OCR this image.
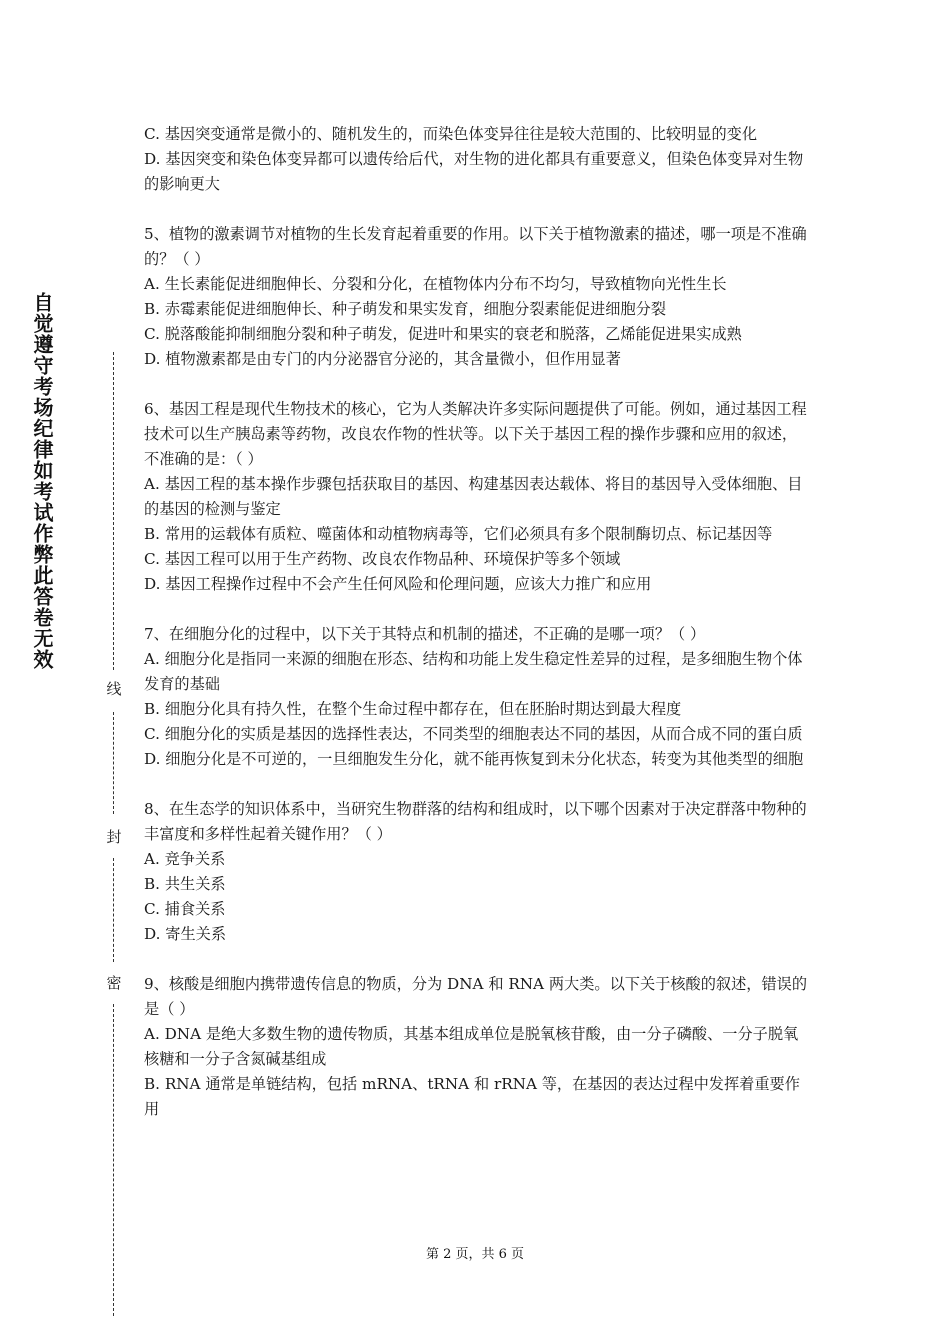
自觉遵守考场纪律如考试作弊此答卷无效
线
封
密

C. 基因突变通常是微小的、随机发生的，而染色体变异往往是较大范围的、比较明显的变化

D. 基因突变和染色体变异都可以遗传给后代，对生物的进化都具有重要意义，但染色体变异对生物的影响更大

5、植物的激素调节对植物的生长发育起着重要的作用。以下关于植物激素的描述，哪一项是不准确的？（ ）

A. 生长素能促进细胞伸长、分裂和分化，在植物体内分布不均匀，导致植物向光性生长

B. 赤霉素能促进细胞伸长、种子萌发和果实发育，细胞分裂素能促进细胞分裂

C. 脱落酸能抑制细胞分裂和种子萌发，促进叶和果实的衰老和脱落，乙烯能促进果实成熟

D. 植物激素都是由专门的内分泌器官分泌的，其含量微小，但作用显著

6、基因工程是现代生物技术的核心，它为人类解决许多实际问题提供了可能。例如，通过基因工程技术可以生产胰岛素等药物，改良农作物的性状等。以下关于基因工程的操作步骤和应用的叙述，不准确的是：（ ）

A. 基因工程的基本操作步骤包括获取目的基因、构建基因表达载体、将目的基因导入受体细胞、目的基因的检测与鉴定

B. 常用的运载体有质粒、噬菌体和动植物病毒等，它们必须具有多个限制酶切点、标记基因等

C. 基因工程可以用于生产药物、改良农作物品种、环境保护等多个领域

D. 基因工程操作过程中不会产生任何风险和伦理问题，应该大力推广和应用

7、在细胞分化的过程中，以下关于其特点和机制的描述，不正确的是哪一项？（ ）

A. 细胞分化是指同一来源的细胞在形态、结构和功能上发生稳定性差异的过程，是多细胞生物个体发育的基础

B. 细胞分化具有持久性，在整个生命过程中都存在，但在胚胎时期达到最大程度

C. 细胞分化的实质是基因的选择性表达，不同类型的细胞表达不同的基因，从而合成不同的蛋白质

D. 细胞分化是不可逆的，一旦细胞发生分化，就不能再恢复到未分化状态，转变为其他类型的细胞

8、在生态学的知识体系中，当研究生物群落的结构和组成时，以下哪个因素对于决定群落中物种的丰富度和多样性起着关键作用？（ ）

A. 竞争关系

B. 共生关系

C. 捕食关系

D. 寄生关系

9、核酸是细胞内携带遗传信息的物质，分为 DNA 和 RNA 两大类。以下关于核酸的叙述，错误的是（ ）

A. DNA 是绝大多数生物的遗传物质，其基本组成单位是脱氧核苷酸，由一分子磷酸、一分子脱氧核糖和一分子含氮碱基组成

B. RNA 通常是单链结构，包括 mRNA、tRNA 和 rRNA 等，在基因的表达过程中发挥着重要作用

第 2 页，共 6 页
